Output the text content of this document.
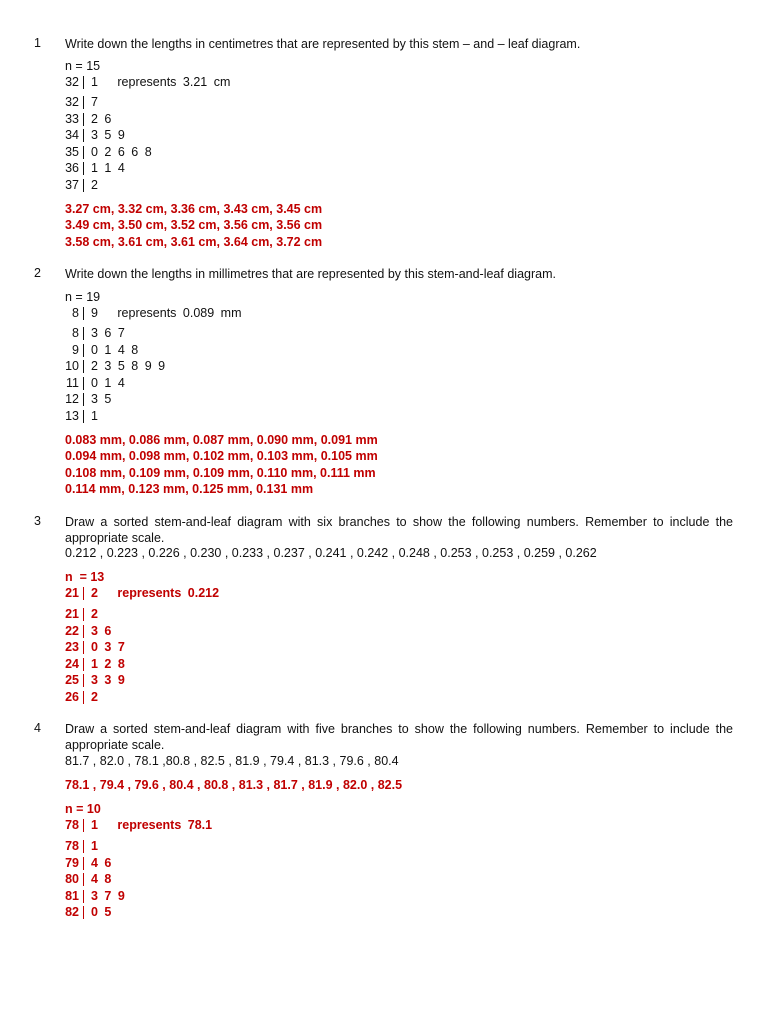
1 Write down the lengths in centimetres that are represented by this stem – and – leaf diagram.
n = 15
32 1 represents 3.21 cm
32 7
33 2 6
34 3 5 9
35 0 2 6 6 8
36 1 1 4
37 2
3.27 cm, 3.32 cm, 3.36 cm, 3.43 cm, 3.45 cm
3.49 cm, 3.50 cm, 3.52 cm, 3.56 cm, 3.56 cm
3.58 cm, 3.61 cm, 3.61 cm, 3.64 cm, 3.72 cm
2 Write down the lengths in millimetres that are represented by this stem-and-leaf diagram.
n = 19
8 9 represents 0.089 mm
8 3 6 7
9 0 1 4 8
10 2 3 5 8 9 9
11 0 1 4
12 3 5
13 1
0.083 mm, 0.086 mm, 0.087 mm, 0.090 mm, 0.091 mm
0.094 mm, 0.098 mm, 0.102 mm, 0.103 mm, 0.105 mm
0.108 mm, 0.109 mm, 0.109 mm, 0.110 mm, 0.111 mm
0.114 mm, 0.123 mm, 0.125 mm, 0.131 mm
3 Draw a sorted stem-and-leaf diagram with six branches to show the following numbers. Remember to include the appropriate scale.
0.212 , 0.223 , 0.226 , 0.230 , 0.233 , 0.237 , 0.241 , 0.242 , 0.248 , 0.253 , 0.253 , 0.259 , 0.262
n  = 13
21 2 represents 0.212
21 2
22 3 6
23 0 3 7
24 1 2 8
25 3 3 9
26 2
4 Draw a sorted stem-and-leaf diagram with five branches to show the following numbers. Remember to include the appropriate scale.
81.7 , 82.0 , 78.1 ,80.8 , 82.5 , 81.9 , 79.4 , 81.3 , 79.6 , 80.4
78.1 , 79.4 , 79.6 , 80.4 , 80.8 , 81.3 , 81.7 , 81.9 , 82.0 , 82.5
n = 10
78 1 represents 78.1
78 1
79 4 6
80 4 8
81 3 7 9
82 0 5
